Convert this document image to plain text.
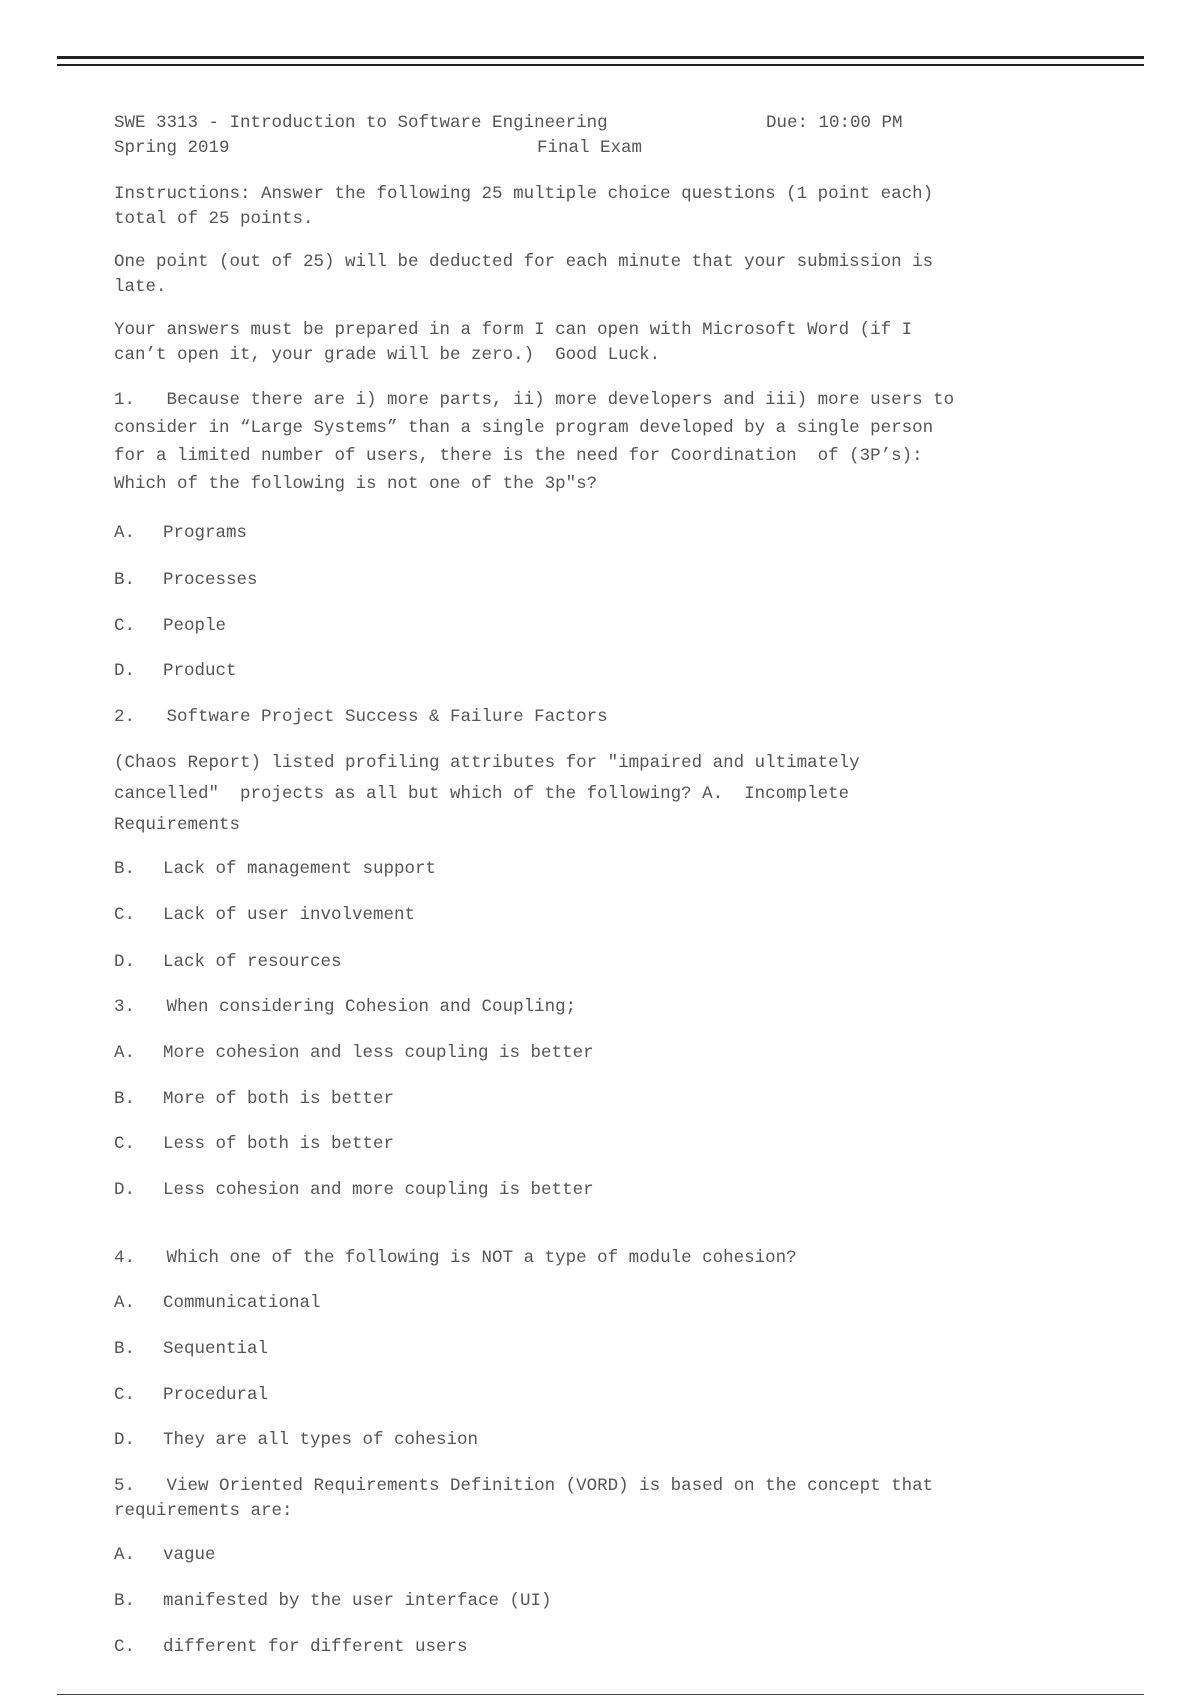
SWE 3313 - Introduction to Software Engineering	Due: 10:00 PM
Spring 2019	Final Exam
Instructions: Answer the following 25 multiple choice questions (1 point each)
total of 25 points.
One point (out of 25) will be deducted for each minute that your submission is
late.
Your answers must be prepared in a form I can open with Microsoft Word (if I
can’t open it, your grade will be zero.)  Good Luck.
1.   Because there are i) more parts, ii) more developers and iii) more users to
consider in “Large Systems” than a single program developed by a single person
for a limited number of users, there is the need for Coordination  of (3P’s):
Which of the following is not one of the 3p"s?
A. Programs
B. Processes
C. People
D. Product
2.   Software Project Success & Failure Factors
(Chaos Report) listed profiling attributes for "impaired and ultimately
cancelled"  projects as all but which of the following? A.  Incomplete
Requirements
B. Lack of management support
C. Lack of user involvement
D. Lack of resources
3.   When considering Cohesion and Coupling;
A. More cohesion and less coupling is better
B. More of both is better
C. Less of both is better
D. Less cohesion and more coupling is better
4.   Which one of the following is NOT a type of module cohesion?
A. Communicational
B. Sequential
C. Procedural
D. They are all types of cohesion
5.   View Oriented Requirements Definition (VORD) is based on the concept that
requirements are:
A. vague
B. manifested by the user interface (UI)
C. different for different users
